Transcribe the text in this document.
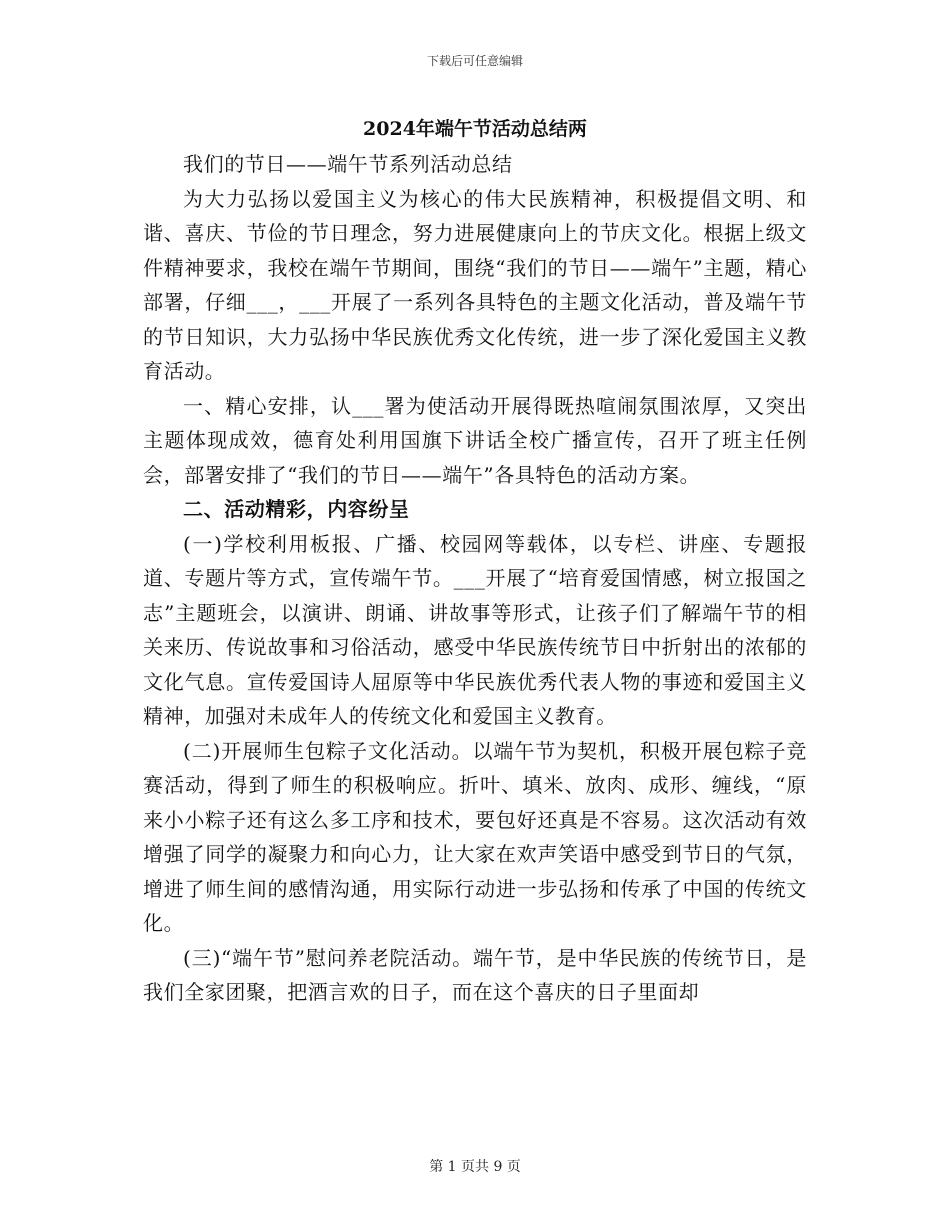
下载后可任意编辑
2024年端午节活动总结两

我们的节日——端午节系列活动总结

为大力弘扬以爱国主义为核心的伟大民族精神，积极提倡文明、和谐、喜庆、节俭的节日理念，努力进展健康向上的节庆文化。根据上级文件精神要求，我校在端午节期间，围绕“我们的节日——端午”主题，精心部署，仔细___，___开展了一系列各具特色的主题文化活动，普及端午节的节日知识，大力弘扬中华民族优秀文化传统，进一步了深化爱国主义教育活动。

一、精心安排，认___署为使活动开展得既热喧闹氛围浓厚，又突出主题体现成效，德育处利用国旗下讲话全校广播宣传，召开了班主任例会，部署安排了“我们的节日——端午”各具特色的活动方案。

二、活动精彩，内容纷呈

(一)学校利用板报、广播、校园网等载体，以专栏、讲座、专题报道、专题片等方式，宣传端午节。___开展了“培育爱国情感，树立报国之志”主题班会，以演讲、朗诵、讲故事等形式，让孩子们了解端午节的相关来历、传说故事和习俗活动，感受中华民族传统节日中折射出的浓郁的文化气息。宣传爱国诗人屈原等中华民族优秀代表人物的事迹和爱国主义精神，加强对未成年人的传统文化和爱国主义教育。

(二)开展师生包粽子文化活动。以端午节为契机，积极开展包粽子竞赛活动，得到了师生的积极响应。折叶、填米、放肉、成形、缠线，“原来小小粽子还有这么多工序和技术，要包好还真是不容易。这次活动有效增强了同学的凝聚力和向心力，让大家在欢声笑语中感受到节日的气氛，增进了师生间的感情沟通，用实际行动进一步弘扬和传承了中国的传统文化。

(三)“端午节”慰问养老院活动。端午节，是中华民族的传统节日，是我们全家团聚，把酒言欢的日子，而在这个喜庆的日子里面却

第 1 页共 9 页
